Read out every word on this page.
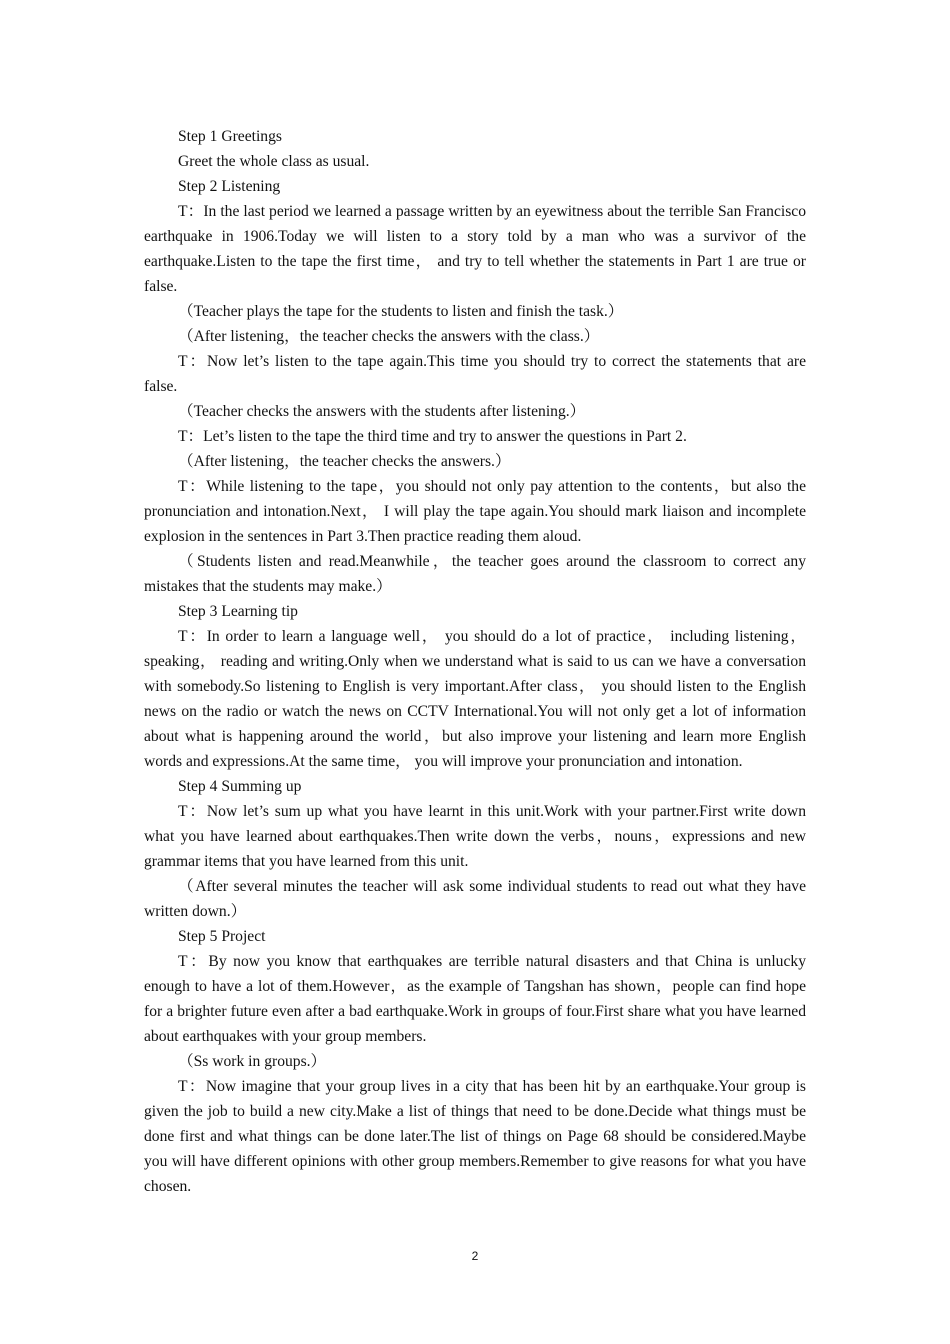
Step 1 Greetings

Greet the whole class as usual.

Step 2 Listening

T：In the last period we learned a passage written by an eyewitness about the terrible San Francisco earthquake in 1906.Today we will listen to a story told by a man who was a survivor of the earthquake.Listen to the tape the first time， and try to tell whether the statements in Part 1 are true or false.

（Teacher plays the tape for the students to listen and finish the task.）

（After listening，the teacher checks the answers with the class.）

T：Now let’s listen to the tape again.This time you should try to correct the statements that are false.

（Teacher checks the answers with the students after listening.）

T：Let’s listen to the tape the third time and try to answer the questions in Part 2.

（After listening，the teacher checks the answers.）

T：While listening to the tape，you should not only pay attention to the contents，but also the pronunciation and intonation.Next， I will play the tape again.You should mark liaison and incomplete explosion in the sentences in Part 3.Then practice reading them aloud.

（Students listen and read.Meanwhile，the teacher goes around the classroom to correct any mistakes that the students may make.）

Step 3 Learning tip

T：In order to learn a language well， you should do a lot of practice， including listening， speaking， reading and writing.Only when we understand what is said to us can we have a conversation with somebody.So listening to English is very important.After class， you should listen to the English news on the radio or watch the news on CCTV International.You will not only get a lot of information about what is happening around the world，but also improve your listening and learn more English words and expressions.At the same time， you will improve your pronunciation and intonation.

Step 4 Summing up

T：Now let’s sum up what you have learnt in this unit.Work with your partner.First write down what you have learned about earthquakes.Then write down the verbs，nouns，expressions and new grammar items that you have learned from this unit.

（After several minutes the teacher will ask some individual students to read out what they have written down.）

Step 5 Project

T：By now you know that earthquakes are terrible natural disasters and that China is unlucky enough to have a lot of them.However，as the example of Tangshan has shown，people can find hope for a brighter future even after a bad earthquake.Work in groups of four.First share what you have learned about earthquakes with your group members.

（Ss work in groups.）

T：Now imagine that your group lives in a city that has been hit by an earthquake.Your group is given the job to build a new city.Make a list of things that need to be done.Decide what things must be done first and what things can be done later.The list of things on Page 68 should be considered.Maybe you will have different opinions with other group members.Remember to give reasons for what you have chosen.

2
